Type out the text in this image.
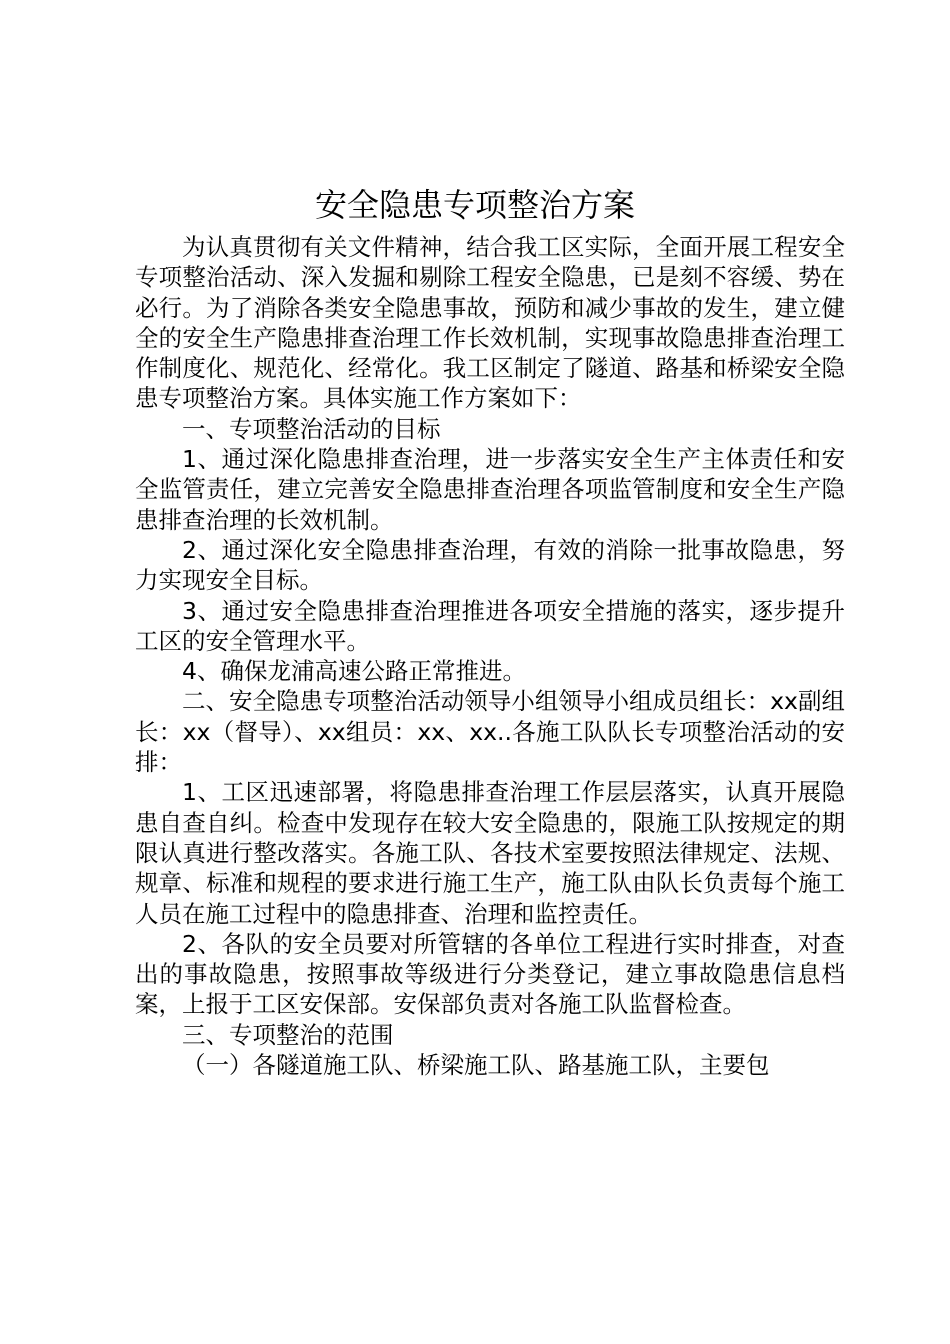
安全隐患专项整治方案

为认真贯彻有关文件精神，结合我工区实际，全面开展工程安全专项整治活动、深入发掘和剔除工程安全隐患，已是刻不容缓、势在必行。为了消除各类安全隐患事故，预防和减少事故的发生，建立健全的安全生产隐患排查治理工作长效机制，实现事故隐患排查治理工作制度化、规范化、经常化。我工区制定了隧道、路基和桥梁安全隐患专项整治方案。具体实施工作方案如下：

一、专项整治活动的目标

1、通过深化隐患排查治理，进一步落实安全生产主体责任和安全监管责任，建立完善安全隐患排查治理各项监管制度和安全生产隐患排查治理的长效机制。

2、通过深化安全隐患排查治理，有效的消除一批事故隐患，努力实现安全目标。

3、通过安全隐患排查治理推进各项安全措施的落实，逐步提升工区的安全管理水平。

4、确保龙浦高速公路正常推进。

二、安全隐患专项整治活动领导小组领导小组成员组长：xx副组长：xx（督导）、xx组员：xx、xx..各施工队队长专项整治活动的安排：

1、工区迅速部署，将隐患排查治理工作层层落实，认真开展隐患自查自纠。检查中发现存在较大安全隐患的，限施工队按规定的期限认真进行整改落实。各施工队、各技术室要按照法律规定、法规、规章、标准和规程的要求进行施工生产，施工队由队长负责每个施工人员在施工过程中的隐患排查、治理和监控责任。

2、各队的安全员要对所管辖的各单位工程进行实时排查，对查出的事故隐患，按照事故等级进行分类登记，建立事故隐患信息档案，上报于工区安保部。安保部负责对各施工队监督检查。

三、专项整治的范围

（一）各隧道施工队、桥梁施工队、路基施工队，主要包
